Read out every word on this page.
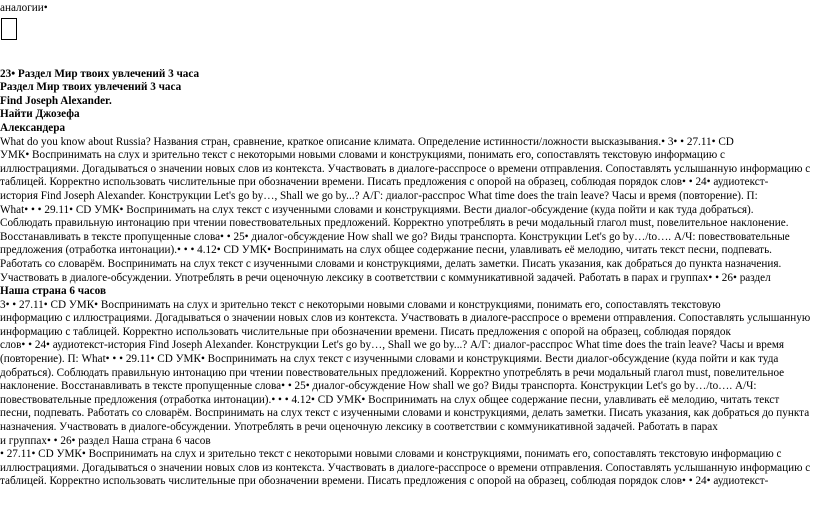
аналогии•

23• Раздел Мир твоих увлечений 3 часа

Раздел Мир твоих увлечений 3 часа

Find Joseph Alexander.

Найти Джозефа

Александера

What do you know about Russia? Названия стран, сравнение, краткое описание климата. Определение истинности/ложности высказывания.• 3• • 27.11• CD

УМК• Воспринимать на слух и зрительно текст с некоторыми новыми словами и конструкциями, понимать его, сопоставлять текстовую информацию с

иллюстрациями. Догадываться о значении новых слов из контекста. Участвовать в диалоге-расспросе о времени отправления. Сопоставлять услышанную информацию с

таблицей. Корректно использовать числительные при обозначении времени. Писать предложения с опорой на образец, соблюдая порядок слов• • 24• аудиотекст-

история Find Joseph Alexander. Конструкции Let's go by…, Shall we go by...? А/Г: диалог-расспрос What time does the train leave? Часы и время (повторение). П:

What• • • 29.11• CD УМК• Воспринимать на слух текст с изученными словами и конструкциями. Вести диалог-обсуждение (куда пойти и как туда добраться).

Соблюдать правильную интонацию при чтении повествовательных предложений. Корректно употреблять в речи модальный глагол must, повелительное наклонение.

Восстанавливать в тексте пропущенные слова• • 25• диалог-обсуждение How shall we go? Виды транспорта. Конструкции Let's go by…/to…. А/Ч: повествовательные

предложения (отработка интонации).• • • 4.12• CD УМК• Воспринимать на слух общее содержание песни, улавливать её мелодию, читать текст песни, подпевать.

Работать со словарём. Воспринимать на слух текст с изученными словами и конструкциями, делать заметки. Писать указания, как добраться до пункта назначения.

Участвовать в диалоге-обсуждении. Употреблять в речи оценочную лексику в соответствии с коммуникативной задачей. Работать в парах и группах• • 26• раздел

Наша страна 6 часов

3• • 27.11• CD УМК• Воспринимать на слух и зрительно текст с некоторыми новыми словами и конструкциями, понимать его, сопоставлять текстовую

информацию с иллюстрациями. Догадываться о значении новых слов из контекста. Участвовать в диалоге-расспросе о времени отправления. Сопоставлять услышанную

информацию с таблицей. Корректно использовать числительные при обозначении времени. Писать предложения с опорой на образец, соблюдая порядок

слов• • 24• аудиотекст-история Find Joseph Alexander. Конструкции Let's go by…, Shall we go by...? А/Г: диалог-расспрос What time does the train leave? Часы и время

(повторение). П: What• • • 29.11• CD УМК• Воспринимать на слух текст с изученными словами и конструкциями. Вести диалог-обсуждение (куда пойти и как туда

добраться). Соблюдать правильную интонацию при чтении повествовательных предложений. Корректно употреблять в речи модальный глагол must, повелительное

наклонение. Восстанавливать в тексте пропущенные слова• • 25• диалог-обсуждение How shall we go? Виды транспорта. Конструкции Let's go by…/to…. А/Ч:

повествовательные предложения (отработка интонации).• • • 4.12• CD УМК• Воспринимать на слух общее содержание песни, улавливать её мелодию, читать текст

песни, подпевать. Работать со словарём. Воспринимать на слух текст с изученными словами и конструкциями, делать заметки. Писать указания, как добраться до пункта

назначения. Участвовать в диалоге-обсуждении. Употреблять в речи оценочную лексику в соответствии с коммуникативной задачей. Работать в парах

и группах• • 26• раздел Наша страна 6 часов

• 27.11• CD УМК• Воспринимать на слух и зрительно текст с некоторыми новыми словами и конструкциями, понимать его, сопоставлять текстовую информацию с

иллюстрациями. Догадываться о значении новых слов из контекста. Участвовать в диалоге-расспросе о времени отправления. Сопоставлять услышанную информацию с

таблицей. Корректно использовать числительные при обозначении времени. Писать предложения с опорой на образец, соблюдая порядок слов• • 24• аудиотекст-
